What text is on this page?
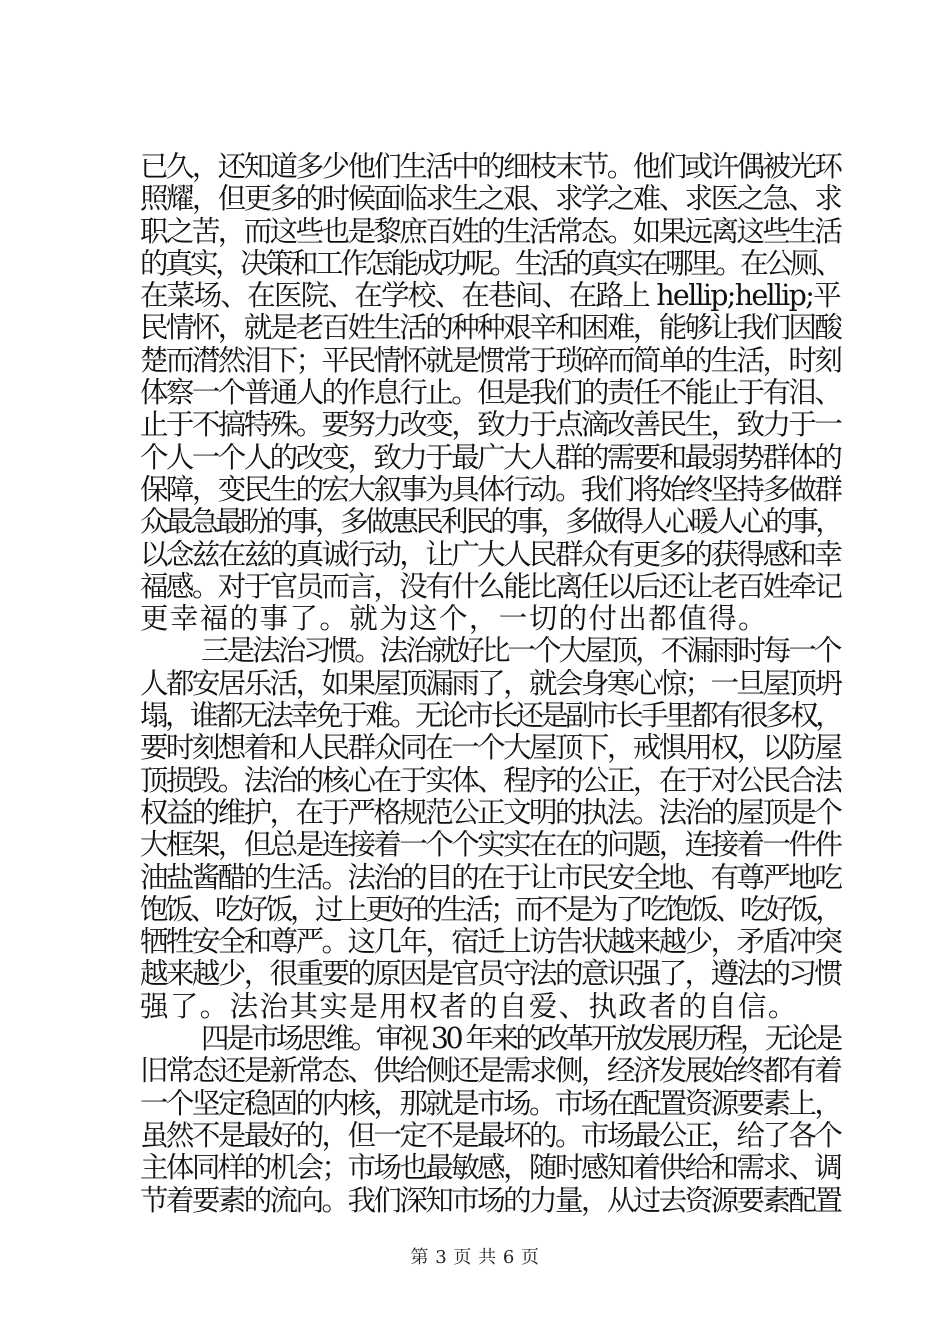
已久，还知道多少他们生活中的细枝末节。他们或许偶被光环
照耀，但更多的时候面临求生之艰、求学之难、求医之急、求
职之苦，而这些也是黎庶百姓的生活常态。如果远离这些生活
的真实，决策和工作怎能成功呢。生活的真实在哪里。在公厕、
在菜场、在医院、在学校、在巷间、在路上 hellip;hellip;平
民情怀，就是老百姓生活的种种艰辛和困难，能够让我们因酸
楚而潸然泪下；平民情怀就是惯常于琐碎而简单的生活，时刻
体察一个普通人的作息行止。但是我们的责任不能止于有泪、
止于不搞特殊。要努力改变，致力于点滴改善民生，致力于一
个人一个人的改变，致力于最广大人群的需要和最弱势群体的
保障，变民生的宏大叙事为具体行动。我们将始终坚持多做群
众最急最盼的事，多做惠民利民的事，多做得人心暖人心的事，
以念兹在兹的真诚行动，让广大人民群众有更多的获得感和幸
福感。对于官员而言，没有什么能比离任以后还让老百姓牵记
更幸福的事了。就为这个，一切的付出都值得。
三是法治习惯。法治就好比一个大屋顶，不漏雨时每一个
人都安居乐活，如果屋顶漏雨了，就会身寒心惊；一旦屋顶坍
塌，谁都无法幸免于难。无论市长还是副市长手里都有很多权，
要时刻想着和人民群众同在一个大屋顶下，戒惧用权，以防屋
顶损毁。法治的核心在于实体、程序的公正，在于对公民合法
权益的维护，在于严格规范公正文明的执法。法治的屋顶是个
大框架，但总是连接着一个个实实在在的问题，连接着一件件
油盐酱醋的生活。法治的目的在于让市民安全地、有尊严地吃
饱饭、吃好饭，过上更好的生活；而不是为了吃饱饭、吃好饭，
牺牲安全和尊严。这几年，宿迁上访告状越来越少，矛盾冲突
越来越少，很重要的原因是官员守法的意识强了，遵法的习惯
强了。法治其实是用权者的自爱、执政者的自信。
四是市场思维。审视 30 年来的改革开放发展历程，无论是
旧常态还是新常态、供给侧还是需求侧，经济发展始终都有着
一个坚定稳固的内核，那就是市场。市场在配置资源要素上，
虽然不是最好的，但一定不是最坏的。市场最公正，给了各个
主体同样的机会；市场也最敏感，随时感知着供给和需求、调
节着要素的流向。我们深知市场的力量，从过去资源要素配置
第 3 页 共 6 页
